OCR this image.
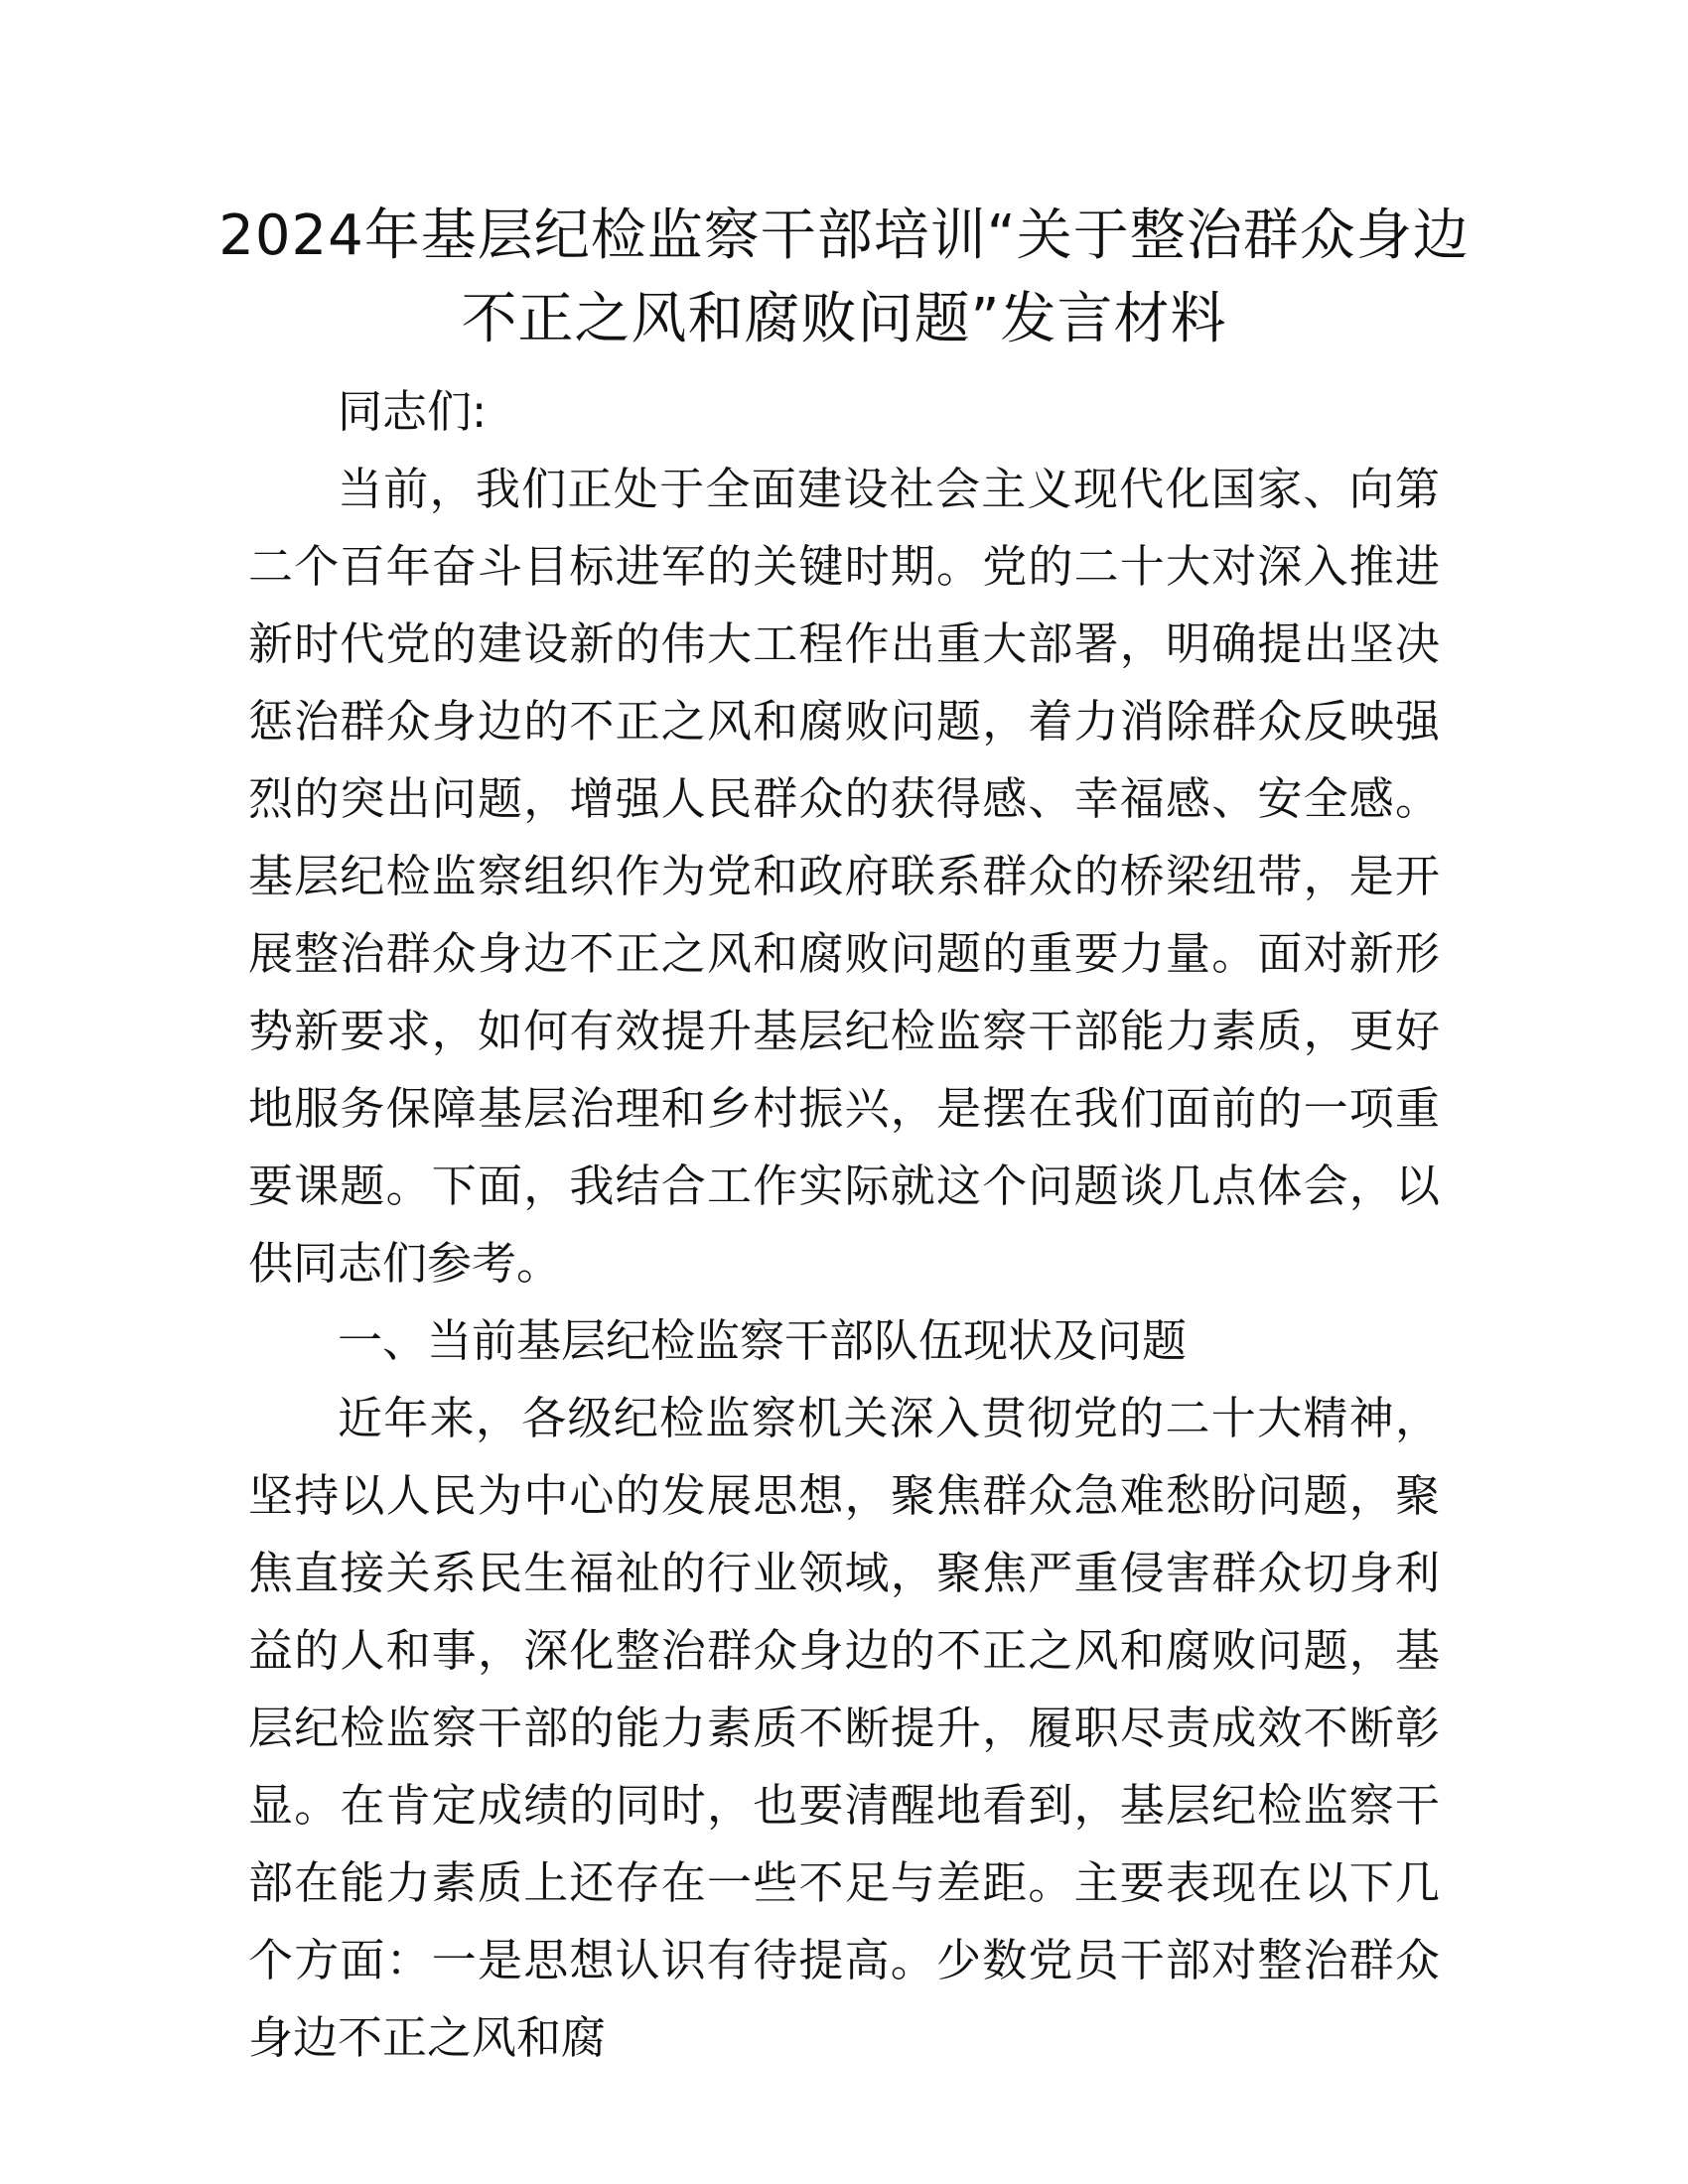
2024年基层纪检监察干部培训“关于整治群众身边不正之风和腐败问题”发言材料

同志们:

当前，我们正处于全面建设社会主义现代化国家、向第二个百年奋斗目标进军的关键时期。党的二十大对深入推进新时代党的建设新的伟大工程作出重大部署，明确提出坚决惩治群众身边的不正之风和腐败问题，着力消除群众反映强烈的突出问题，增强人民群众的获得感、幸福感、安全感。基层纪检监察组织作为党和政府联系群众的桥梁纽带，是开展整治群众身边不正之风和腐败问题的重要力量。面对新形势新要求，如何有效提升基层纪检监察干部能力素质，更好地服务保障基层治理和乡村振兴，是摆在我们面前的一项重要课题。下面，我结合工作实际就这个问题谈几点体会，以供同志们参考。

一、当前基层纪检监察干部队伍现状及问题

近年来，各级纪检监察机关深入贯彻党的二十大精神，坚持以人民为中心的发展思想，聚焦群众急难愁盼问题，聚焦直接关系民生福祉的行业领域，聚焦严重侵害群众切身利益的人和事，深化整治群众身边的不正之风和腐败问题，基层纪检监察干部的能力素质不断提升，履职尽责成效不断彰显。在肯定成绩的同时，也要清醒地看到，基层纪检监察干部在能力素质上还存在一些不足与差距。主要表现在以下几个方面：一是思想认识有待提高。少数党员干部对整治群众身边不正之风和腐
